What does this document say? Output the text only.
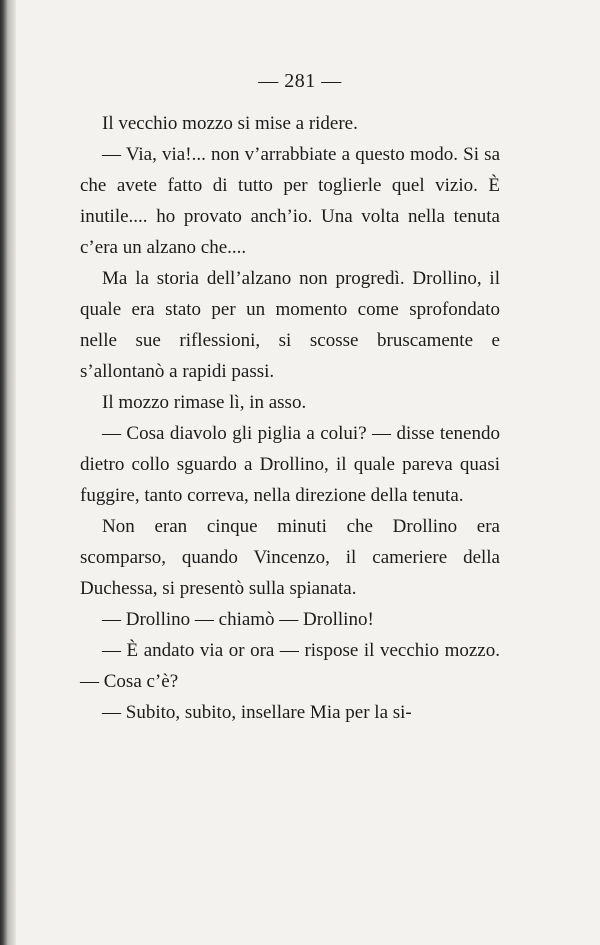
— 281 —

Il vecchio mozzo si mise a ridere.

— Via, via!... non v’arrabbiate a questo modo. Si sa che avete fatto di tutto per toglierle quel vizio. È inutile.... ho provato anch’io. Una volta nella tenuta c’era un alzano che....

Ma la storia dell’alzano non progredì. Drollino, il quale era stato per un momento come sprofondato nelle sue riflessioni, si scosse bruscamente e s’allontanò a rapidi passi.

Il mozzo rimase lì, in asso.

— Cosa diavolo gli piglia a colui? — disse tenendo dietro collo sguardo a Drollino, il quale pareva quasi fuggire, tanto correva, nella direzione della tenuta.

Non eran cinque minuti che Drollino era scomparso, quando Vincenzo, il cameriere della Duchessa, si presentò sulla spianata.

— Drollino — chiamò — Drollino!

— È andato via or ora — rispose il vecchio mozzo. — Cosa c’è?

— Subito, subito, insellare Mia per la si-
